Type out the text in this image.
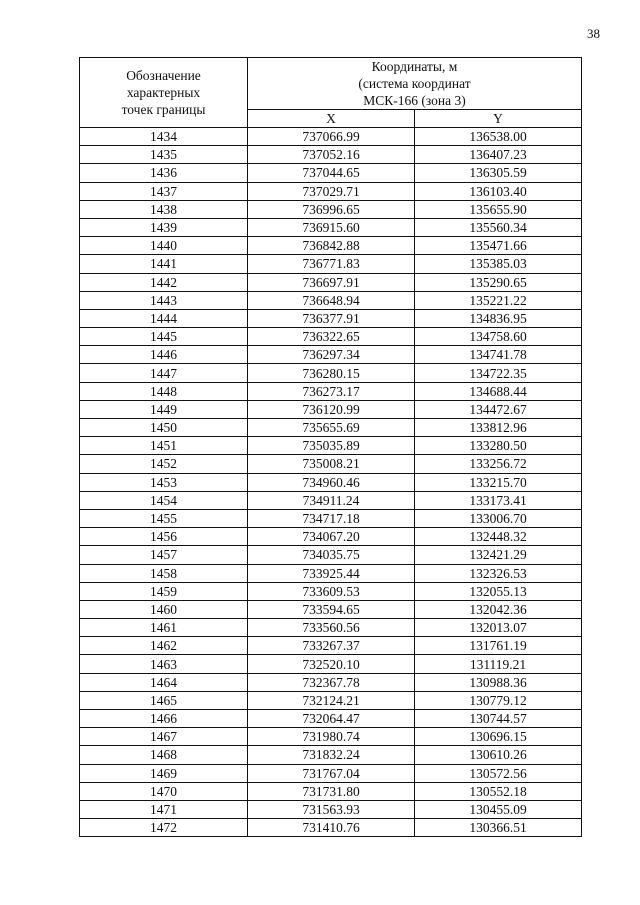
38
Обозначение
характерных
точек границы	Координаты, м
(система координат
МСК-166 (зона 3)	

	X	Y
1434	737066.99	136538.00
1435	737052.16	136407.23
1436	737044.65	136305.59
1437	737029.71	136103.40
1438	736996.65	135655.90
1439	736915.60	135560.34
1440	736842.88	135471.66
1441	736771.83	135385.03
1442	736697.91	135290.65
1443	736648.94	135221.22
1444	736377.91	134836.95
1445	736322.65	134758.60
1446	736297.34	134741.78
1447	736280.15	134722.35
1448	736273.17	134688.44
1449	736120.99	134472.67
1450	735655.69	133812.96
1451	735035.89	133280.50
1452	735008.21	133256.72
1453	734960.46	133215.70
1454	734911.24	133173.41
1455	734717.18	133006.70
1456	734067.20	132448.32
1457	734035.75	132421.29
1458	733925.44	132326.53
1459	733609.53	132055.13
1460	733594.65	132042.36
1461	733560.56	132013.07
1462	733267.37	131761.19
1463	732520.10	131119.21
1464	732367.78	130988.36
1465	732124.21	130779.12
1466	732064.47	130744.57
1467	731980.74	130696.15
1468	731832.24	130610.26
1469	731767.04	130572.56
1470	731731.80	130552.18
1471	731563.93	130455.09
1472	731410.76	130366.51
